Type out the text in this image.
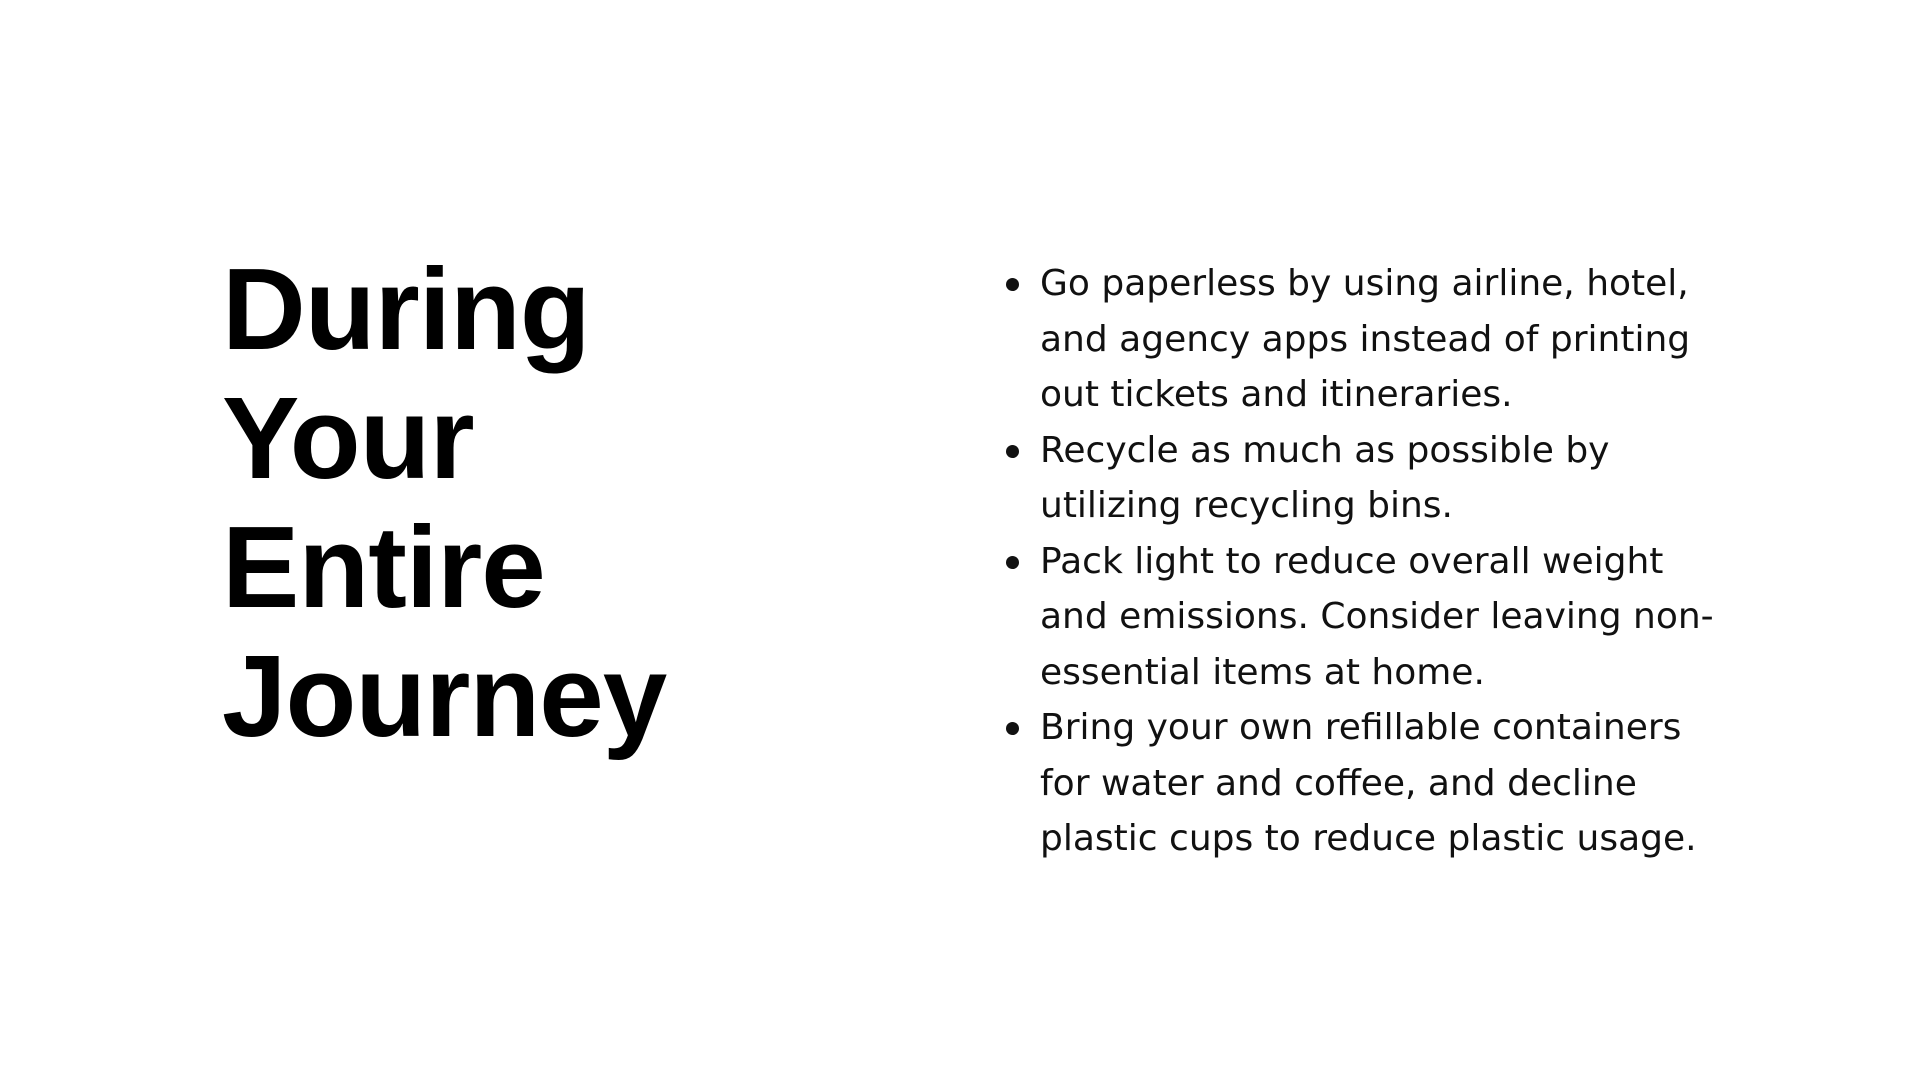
During
Your
Entire
Journey
Go paperless by using airline, hotel,
and agency apps instead of printing
out tickets and itineraries.
Recycle as much as possible by
utilizing recycling bins.
Pack light to reduce overall weight
and emissions. Consider leaving non-
essential items at home.
Bring your own refillable containers
for water and coffee, and decline
plastic cups to reduce plastic usage.
